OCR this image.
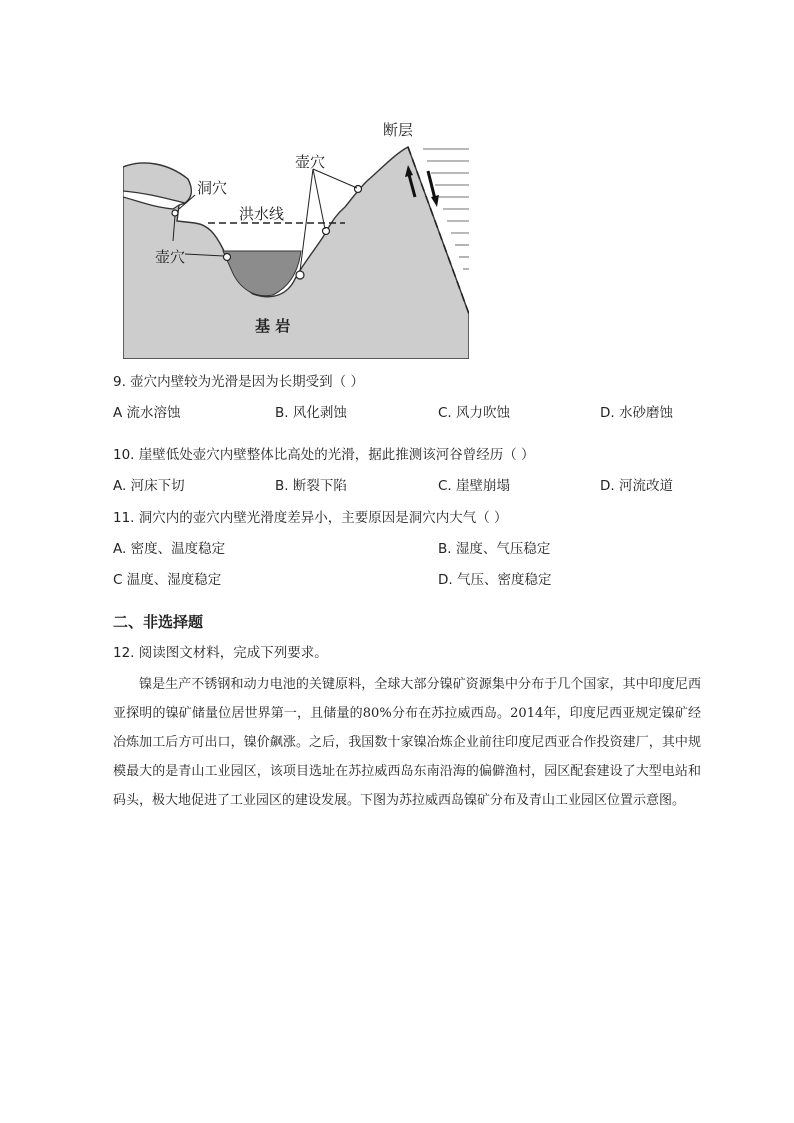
断层
洞穴
壶穴
洪水线
壶穴
基 岩
9. 壶穴内壁较为光滑是因为长期受到（ ）
A 流水溶蚀	B. 风化剥蚀	C. 风力吹蚀	D. 水砂磨蚀
10. 崖壁低处壶穴内壁整体比高处的光滑，据此推测该河谷曾经历（ ）
A. 河床下切	B. 断裂下陷	C. 崖壁崩塌	D. 河流改道
11. 洞穴内的壶穴内壁光滑度差异小，主要原因是洞穴内大气（ ）
A. 密度、温度稳定	B. 湿度、气压稳定
C 温度、湿度稳定	D. 气压、密度稳定
二、非选择题
12. 阅读图文材料，完成下列要求。
镍是生产不锈钢和动力电池的关键原料，全球大部分镍矿资源集中分布于几个国家，其中印度尼西亚探明的镍矿储量位居世界第一，且储量的80%分布在苏拉威西岛。2014年，印度尼西亚规定镍矿经冶炼加工后方可出口，镍价飙涨。之后，我国数十家镍冶炼企业前往印度尼西亚合作投资建厂，其中规模最大的是青山工业园区，该项目选址在苏拉威西岛东南沿海的偏僻渔村，园区配套建设了大型电站和码头，极大地促进了工业园区的建设发展。下图为苏拉威西岛镍矿分布及青山工业园区位置示意图。
